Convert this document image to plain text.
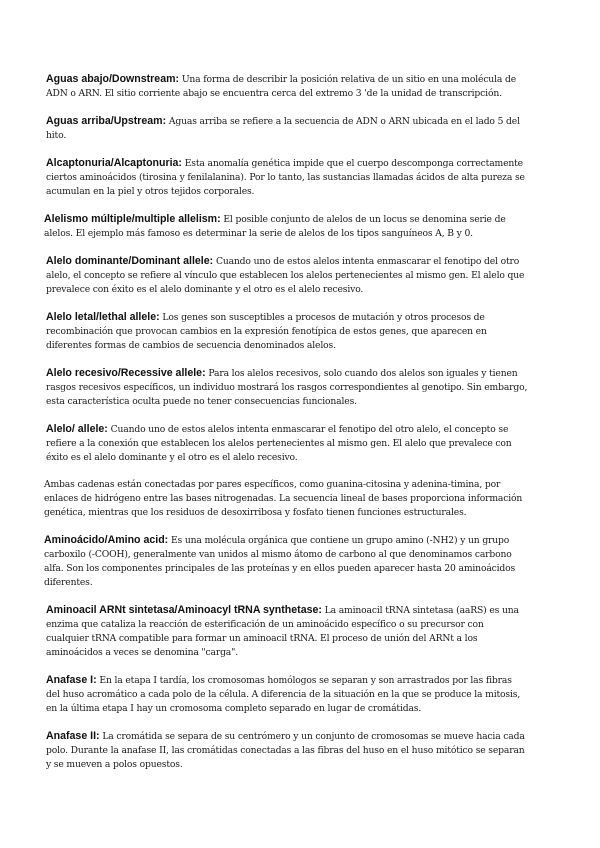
Aguas abajo/Downstream: Una forma de describir la posición relativa de un sitio en una molécula de ADN o ARN. El sitio corriente abajo se encuentra cerca del extremo 3 'de la unidad de transcripción.

Aguas arriba/Upstream: Aguas arriba se refiere a la secuencia de ADN o ARN ubicada en el lado 5 del hito.

Alcaptonuria/Alcaptonuria: Esta anomalía genética impide que el cuerpo descomponga correctamente ciertos aminoácidos (tirosina y fenilalanina). Por lo tanto, las sustancias llamadas ácidos de alta pureza se acumulan en la piel y otros tejidos corporales.

Alelismo múltiple/multiple allelism: El posible conjunto de alelos de un locus se denomina serie de alelos. El ejemplo más famoso es determinar la serie de alelos de los tipos sanguíneos A, B y 0.

Alelo dominante/Dominant allele: Cuando uno de estos alelos intenta enmascarar el fenotipo del otro alelo, el concepto se refiere al vínculo que establecen los alelos pertenecientes al mismo gen. El alelo que prevalece con éxito es el alelo dominante y el otro es el alelo recesivo.

Alelo letal/lethal allele: Los genes son susceptibles a procesos de mutación y otros procesos de recombinación que provocan cambios en la expresión fenotípica de estos genes, que aparecen en diferentes formas de cambios de secuencia denominados alelos.

Alelo recesivo/Recessive allele: Para los alelos recesivos, solo cuando dos alelos son iguales y tienen rasgos recesivos específicos, un individuo mostrará los rasgos correspondientes al genotipo. Sin embargo, esta característica oculta puede no tener consecuencias funcionales.

Alelo/ allele: Cuando uno de estos alelos intenta enmascarar el fenotipo del otro alelo, el concepto se refiere a la conexión que establecen los alelos pertenecientes al mismo gen. El alelo que prevalece con éxito es el alelo dominante y el otro es el alelo recesivo.

Ambas cadenas están conectadas por pares específicos, como guanina-citosina y adenina-timina, por enlaces de hidrógeno entre las bases nitrogenadas. La secuencia lineal de bases proporciona información genética, mientras que los residuos de desoxirribosa y fosfato tienen funciones estructurales.

Aminoácido/Amino acid: Es una molécula orgánica que contiene un grupo amino (-NH2) y un grupo carboxilo (-COOH), generalmente van unidos al mismo átomo de carbono al que denominamos carbono alfa. Son los componentes principales de las proteínas y en ellos pueden aparecer hasta 20 aminoácidos diferentes.

Aminoacil ARNt sintetasa/Aminoacyl tRNA synthetase: La aminoacil tRNA sintetasa (aaRS) es una enzima que cataliza la reacción de esterificación de un aminoácido específico o su precursor con cualquier tRNA compatible para formar un aminoacil tRNA. El proceso de unión del ARNt a los aminoácidos a veces se denomina "carga".

Anafase I: En la etapa I tardía, los cromosomas homólogos se separan y son arrastrados por las fibras del huso acromático a cada polo de la célula. A diferencia de la situación en la que se produce la mitosis, en la última etapa I hay un cromosoma completo separado en lugar de cromátidas.

Anafase II: La cromátida se separa de su centrómero y un conjunto de cromosomas se mueve hacia cada polo. Durante la anafase II, las cromátidas conectadas a las fibras del huso en el huso mitótico se separan y se mueven a polos opuestos.
